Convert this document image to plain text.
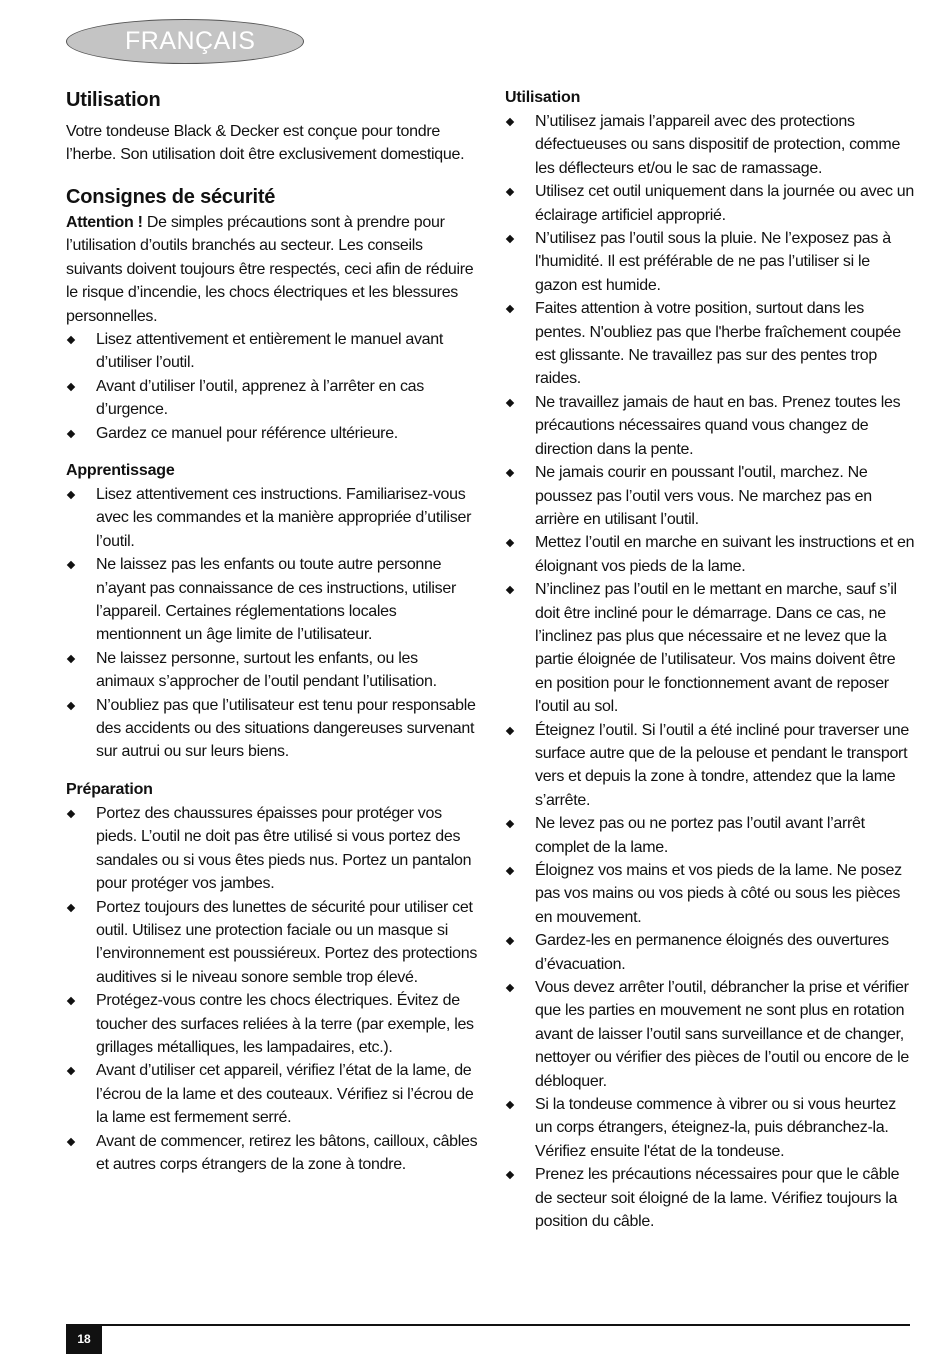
FRANÇAIS
Utilisation
Votre tondeuse Black & Decker est conçue pour tondre l’herbe. Son utilisation doit être exclusivement domestique.
Consignes de sécurité
Attention ! De simples précautions sont à prendre pour l’utilisation d’outils branchés au secteur. Les conseils suivants doivent toujours être respectés, ceci afin de réduire le risque d’incendie, les chocs électriques et les blessures personnelles.
Lisez attentivement et entièrement le manuel avant d’utiliser l’outil.
Avant d’utiliser l’outil, apprenez à l’arrêter en cas d’urgence.
Gardez ce manuel pour référence ultérieure.
Apprentissage
Lisez attentivement ces instructions. Familiarisez-vous avec les commandes et la manière appropriée d’utiliser l’outil.
Ne laissez pas les enfants ou toute autre personne n’ayant pas connaissance de ces instructions, utiliser l’appareil. Certaines réglementations locales mentionnent un âge limite de l’utilisateur.
Ne laissez personne, surtout les enfants, ou les animaux s’approcher de l’outil pendant l’utilisation.
N’oubliez pas que l’utilisateur est tenu pour responsable des accidents ou des situations dangereuses survenant sur autrui ou sur leurs biens.
Préparation
Portez des chaussures épaisses pour protéger vos pieds. L’outil ne doit pas être utilisé si vous portez des sandales ou si vous êtes pieds nus. Portez un pantalon pour protéger vos jambes.
Portez toujours des lunettes de sécurité pour utiliser cet outil. Utilisez une protection faciale ou un masque si l’environnement est poussiéreux. Portez des protections auditives si le niveau sonore semble trop élevé.
Protégez-vous contre les chocs électriques. Évitez de toucher des surfaces reliées à la terre (par exemple, les grillages métalliques, les lampadaires, etc.).
Avant d’utiliser cet appareil, vérifiez l’état de la lame, de l’écrou de la lame et des couteaux. Vérifiez si l’écrou de la lame est fermement serré.
Avant de commencer, retirez les bâtons, cailloux, câbles et autres corps étrangers de la zone à tondre.
Utilisation
N’utilisez jamais l’appareil avec des protections défectueuses ou sans dispositif de protection, comme les déflecteurs et/ou le sac de ramassage.
Utilisez cet outil uniquement dans la journée ou avec un éclairage artificiel approprié.
N’utilisez pas l’outil sous la pluie. Ne l’exposez pas à l'humidité. Il est préférable de ne pas l’utiliser si le gazon est humide.
Faites attention à votre position, surtout dans les pentes. N'oubliez pas que l'herbe fraîchement coupée est glissante. Ne travaillez pas sur des pentes trop raides.
Ne travaillez jamais de haut en bas. Prenez toutes les précautions nécessaires quand vous changez de direction dans la pente.
Ne jamais courir en poussant l'outil, marchez. Ne poussez pas l’outil vers vous. Ne marchez pas en arrière en utilisant l’outil.
Mettez l’outil en marche en suivant les instructions et en éloignant vos pieds de la lame.
N’inclinez pas l’outil en le mettant en marche, sauf s’il doit être incliné pour le démarrage. Dans ce cas, ne l’inclinez pas plus que nécessaire et ne levez que la partie éloignée de l’utilisateur. Vos mains doivent être en position pour le fonctionnement avant de reposer l'outil au sol.
Éteignez l’outil. Si l’outil a été incliné pour traverser une surface autre que de la pelouse et pendant le transport vers et depuis la zone à tondre, attendez que la lame s’arrête.
Ne levez pas ou ne portez pas l’outil avant l’arrêt complet de la lame.
Éloignez vos mains et vos pieds de la lame. Ne posez pas vos mains ou vos pieds à côté ou sous les pièces en mouvement.
Gardez-les en permanence éloignés des ouvertures d’évacuation.
Vous devez arrêter l’outil, débrancher la prise et vérifier que les parties en mouvement ne sont plus en rotation avant de laisser l’outil sans surveillance et de changer, nettoyer ou vérifier des pièces de l’outil ou encore de le débloquer.
Si la tondeuse commence à vibrer ou si vous heurtez un corps étrangers, éteignez-la, puis débranchez-la. Vérifiez ensuite l'état de la tondeuse.
Prenez les précautions nécessaires pour que le câble de secteur soit éloigné de la lame. Vérifiez toujours la position du câble.
18
